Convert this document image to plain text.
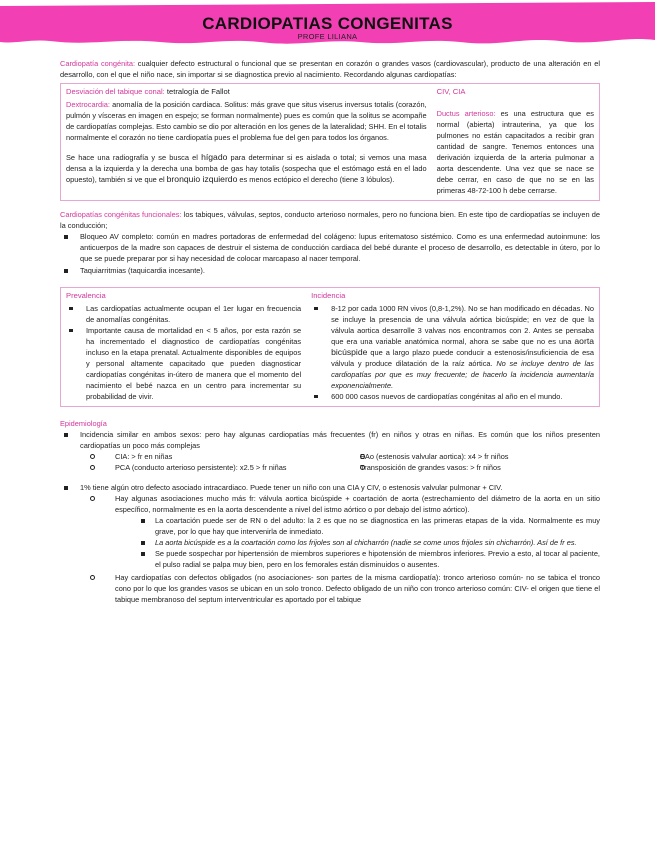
CARDIOPATIAS CONGENITAS
PROFE LILIANA

Cardiopatía congénita: cualquier defecto estructural o funcional que se presentan en corazón o grandes vasos (cardiovascular), producto de una alteración en el desarrollo, con el que el niño nace, sin importar si se diagnostica previo al nacimiento. Recordando algunas cardiopatías:

Desviación del tabique conal: tetralogía de Fallot

Dextrocardia: anomalía de la posición cardiaca. Solitus: más grave que situs viserus inversus totalis (corazón, pulmón y vísceras en imagen en espejo; se forman normalmente) pues es común que la solitus se acompañe de cardiopatías complejas. Esto cambio se dio por alteración en los genes de la lateralidad; SHH. En el totalis normalmente el corazón no tiene cardiopatía pues el problema fue del gen para todos los órganos.

Se hace una radiografía y se busca el hígado para determinar si es aislada o total; si vemos una masa densa a la izquierda y la derecha una bomba de gas hay totalis (sospecha que el estómago está en el lado opuesto), también si ve que el bronquio izquierdo es menos ectópico el derecho (tiene 3 lóbulos).

CIV, CIA

Ductus arterioso: es una estructura que es normal (abierta) intrauterina, ya que los pulmones no están capacitados a recibir gran cantidad de sangre. Tenemos entonces una derivación izquierda de la arteria pulmonar a aorta descendente. Una vez que se nace se debe cerrar, en caso de que no se en las primeras 48-72-100 h debe cerrarse.

Cardiopatías congénitas funcionales: los tabiques, válvulas, septos, conducto arterioso normales, pero no funciona bien. En este tipo de cardiopatías se incluyen de la conducción;

Bloqueo AV completo: común en madres portadoras de enfermedad del colágeno: lupus eritematoso sistémico. Como es una enfermedad autoinmune: los anticuerpos de la madre son capaces de destruir el sistema de conducción cardiaca del bebé durante el proceso de desarrollo, es detectable in útero, por lo que se puede preparar por si hay necesidad de colocar marcapaso al nacer temporal.
Taquiarritmias (taquicardia incesante).
Prevalencia
Las cardiopatías actualmente ocupan el 1er lugar en frecuencia de anomalías congénitas.
Importante causa de mortalidad en < 5 años, por esta razón se ha incrementado el diagnostico de cardiopatías congénitas incluso en la etapa prenatal. Actualmente disponibles de equipos y personal altamente capacitado que pueden diagnosticar cardiopatías congénitas in-útero de manera que el momento del nacimiento el bebé nazca en un centro para incrementar su probabilidad de vivir.
Incidencia
8-12 por cada 1000 RN vivos (0,8-1,2%). No se han modificado en décadas. No se incluye la presencia de una válvula aórtica bicúspide; en vez de que la válvula aortica desarrolle 3 valvas nos encontramos con 2. Antes se pensaba que era una variable anatómica normal, ahora se sabe que no es una aorta bicúspide que a largo plazo puede conducir a estenosis/insuficiencia de esa válvula y produce dilatación de la raíz aórtica. No se incluye dentro de las cardiopatías por que es muy frecuente; de hacerlo la incidencia aumentaría exponencialmente.
600 000 casos nuevos de cardiopatías congénitas al año en el mundo.
Epidemiología
Incidencia similar en ambos sexos: pero hay algunas cardiopatías más frecuentes (fr) en niños y otras en niñas. Es común que los niños presenten cardiopatías un poco más complejas
CIA: > fr en niñas
PCA (conducto arterioso persistente): x2.5 > fr niñas
EAo (estenosis valvular aortica): x4 > fr niños
Transposición de grandes vasos: > fr niños
1% tiene algún otro defecto asociado intracardiaco. Puede tener un niño con una CIA y CIV, o estenosis valvular pulmonar + CIV.
Hay algunas asociaciones mucho más fr: válvula aortica bicúspide + coartación de aorta (estrechamiento del diámetro de la aorta en un sitio específico, normalmente es en la aorta descendente a nivel del istmo aórtico o por debajo del istmo aórtico).
La coartación puede ser de RN o del adulto: la 2 es que no se diagnostica en las primeras etapas de la vida. Normalmente es muy grave, por lo que hay que intervenirla de inmediato.
La aorta bicúspide es a la coartación como los frijoles son al chicharrón (nadie se come unos frijoles sin chicharrón). Así de fr es.
Se puede sospechar por hipertensión de miembros superiores e hipotensión de miembros inferiores. Previo a esto, al tocar al paciente, el pulso radial se palpa muy bien, pero en los femorales están disminuidos o ausentes.
Hay cardiopatías con defectos obligados (no asociaciones- son partes de la misma cardiopatía): tronco arterioso común- no se tabica el tronco cono por lo que los grandes vasos se ubican en un solo tronco. Defecto obligado de un niño con tronco arterioso común: CIV- el origen que tiene el tabique membranoso del septum interventricular es aportado por el tabique
